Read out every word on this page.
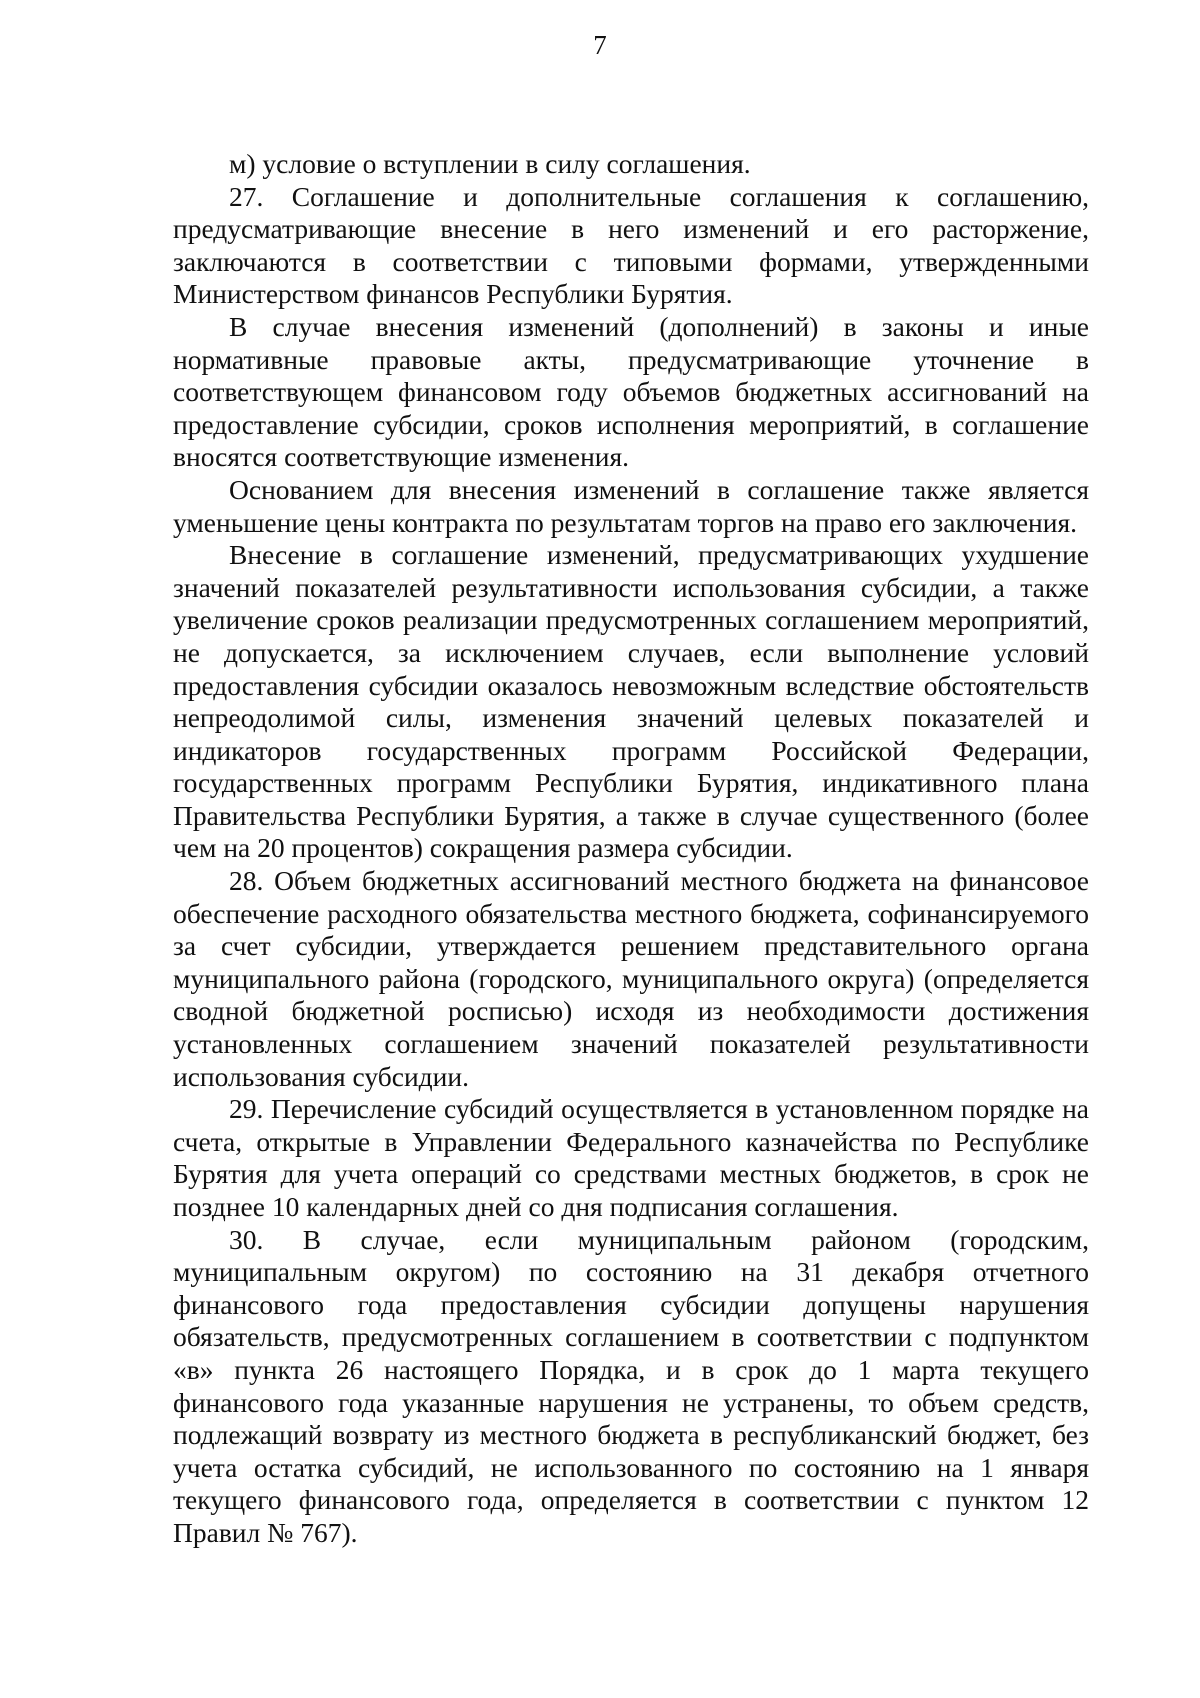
7

м) условие о вступлении в силу соглашения.

27. Соглашение и дополнительные соглашения к соглашению, предусматривающие внесение в него изменений и его расторжение, заключаются в соответствии с типовыми формами, утвержденными Министерством финансов Республики Бурятия.

В случае внесения изменений (дополнений) в законы и иные нормативные правовые акты, предусматривающие уточнение в соответствующем финансовом году объемов бюджетных ассигнований на предоставление субсидии, сроков исполнения мероприятий, в соглашение вносятся соответствующие изменения.

Основанием для внесения изменений в соглашение также является уменьшение цены контракта по результатам торгов на право его заключения.

Внесение в соглашение изменений, предусматривающих ухудшение значений показателей результативности использования субсидии, а также увеличение сроков реализации предусмотренных соглашением мероприятий, не допускается, за исключением случаев, если выполнение условий предоставления субсидии оказалось невозможным вследствие обстоятельств непреодолимой силы, изменения значений целевых показателей и индикаторов государственных программ Российской Федерации, государственных программ Республики Бурятия, индикативного плана Правительства Республики Бурятия, а также в случае существенного (более чем на 20 процентов) сокращения размера субсидии.

28. Объем бюджетных ассигнований местного бюджета на финансовое обеспечение расходного обязательства местного бюджета, софинансируемого за счет субсидии, утверждается решением представительного органа муниципального района (городского, муниципального округа) (определяется сводной бюджетной росписью) исходя из необходимости достижения установленных соглашением значений показателей результативности использования субсидии.

29. Перечисление субсидий осуществляется в установленном порядке на счета, открытые в Управлении Федерального казначейства по Республике Бурятия для учета операций со средствами местных бюджетов, в срок не позднее 10 календарных дней со дня подписания соглашения.

30. В случае, если муниципальным районом (городским, муниципальным округом) по состоянию на 31 декабря отчетного финансового года предоставления субсидии допущены нарушения обязательств, предусмотренных соглашением в соответствии с подпунктом «в» пункта 26 настоящего Порядка, и в срок до 1 марта текущего финансового года указанные нарушения не устранены, то объем средств, подлежащий возврату из местного бюджета в республиканский бюджет, без учета остатка субсидий, не использованного по состоянию на 1 января текущего финансового года, определяется в соответствии с пунктом 12 Правил № 767).
